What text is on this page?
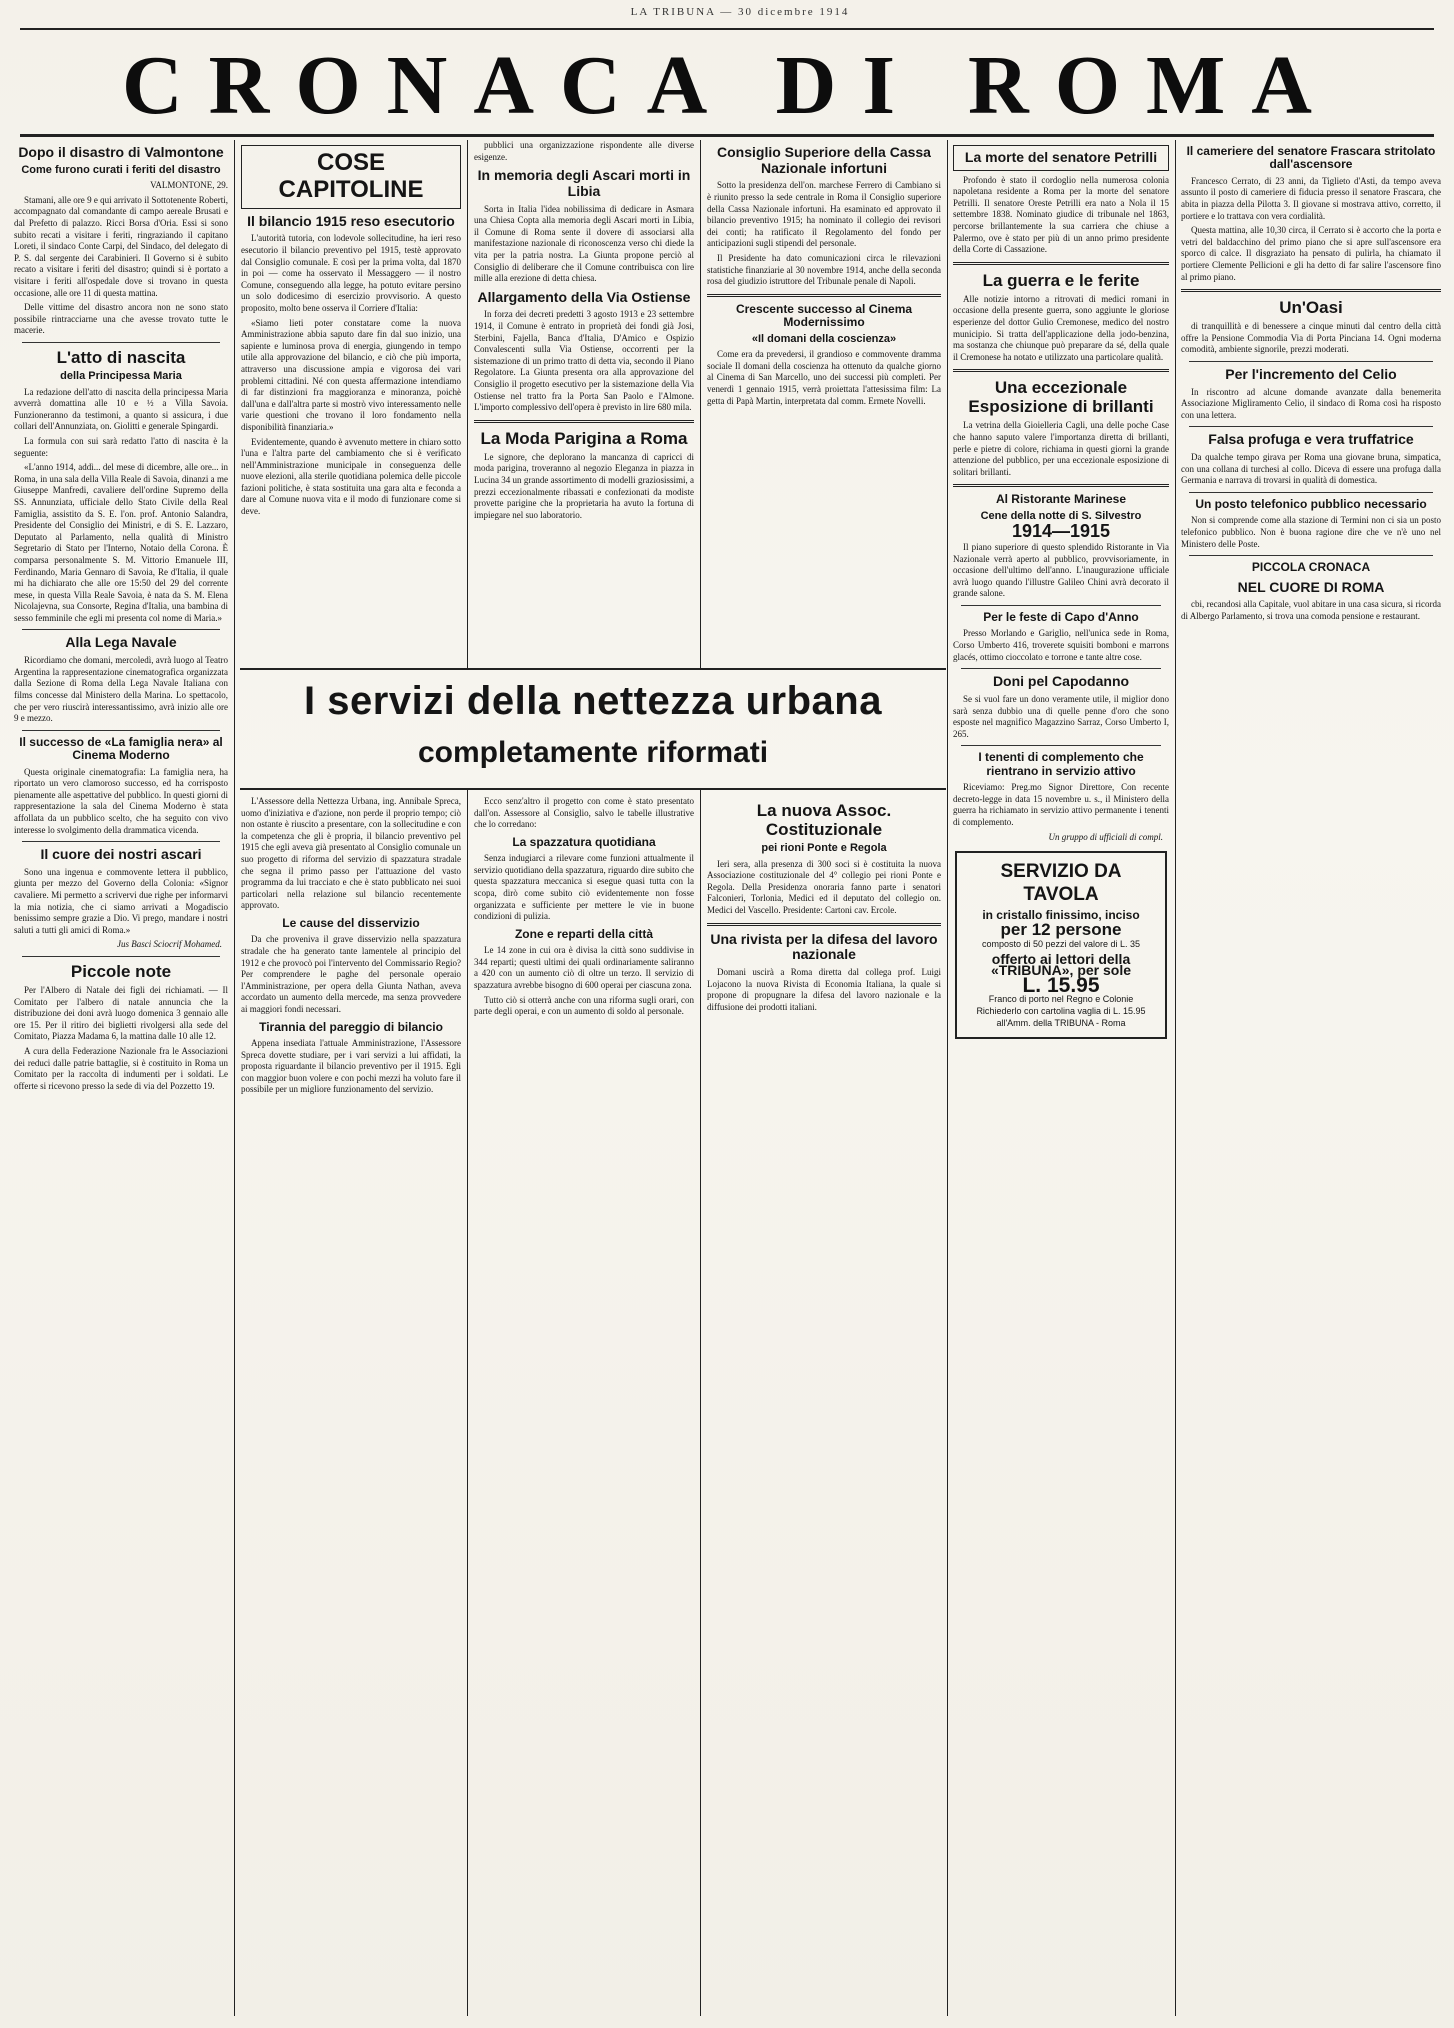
LA TRIBUNA — 30 dicembre 1914
CRONACA DI ROMA
Dopo il disastro di Valmontone
Come furono curati i feriti del disastro

VALMONTONE, 29.

Stamani, alle ore 9 e qui arrivato il Sottotenente Roberti, accompagnato dal comandante di campo aereale Brusati e dal Prefetto di palazzo. Ricci Borsa d'Oria. Essi si sono subito recati a visitare i feriti, ringraziando il capitano Loreti, il sindaco Conte Carpi, del Sindaco, del delegato di P. S. dal sergente dei Carabinieri. Il Governo si è subito recato a visitare i feriti del disastro; quindi si è portato a visitare i feriti all'ospedale dove si trovano in questa occasione, alle ore 11 di questa mattina.

Delle vittime del disastro ancora non ne sono stato possibile rintracciarne una che avesse trovato tutte le macerie.

L'atto di nascita
della Principessa Maria

La redazione dell'atto di nascita della principessa Maria avverrà domattina alle 10 e ½ a Villa Savoia. Funzioneranno da testimoni, a quanto si assicura, i due collari dell'Annunziata, on. Giolitti e generale Spingardi.

La formula con sui sarà redatto l'atto di nascita è la seguente:

«L'anno 1914, addì... del mese di dicembre, alle ore... in Roma, in una sala della Villa Reale di Savoia, dinanzi a me Giuseppe Manfredi, cavaliere dell'ordine Supremo della SS. Annunziata, ufficiale dello Stato Civile della Real Famiglia, assistito da S. E. l'on. prof. Antonio Salandra, Presidente del Consiglio dei Ministri, e di S. E. Lazzaro, Deputato al Parlamento, nella qualità di Ministro Segretario di Stato per l'Interno, Notaio della Corona. È comparsa personalmente S. M. Vittorio Emanuele III, Ferdinando, Maria Gennaro di Savoia, Re d'Italia, il quale mi ha dichiarato che alle ore 15:50 del 29 del corrente mese, in questa Villa Reale Savoia, è nata da S. M. Elena Nicolajevna, sua Consorte, Regina d'Italia, una bambina di sesso femminile che egli mi presenta col nome di Maria.»

Alla Lega Navale

Ricordiamo che domani, mercoledì, avrà luogo al Teatro Argentina la rappresentazione cinematografica organizzata dalla Sezione di Roma della Lega Navale Italiana con films concesse dal Ministero della Marina. Lo spettacolo, che per vero riuscirà interessantissimo, avrà inizio alle ore 9 e mezzo.

Il successo de «La famiglia nera» al Cinema Moderno

Questa originale cinematografia: La famiglia nera, ha riportato un vero clamoroso successo, ed ha corrisposto pienamente alle aspettative del pubblico. In questi giorni di rappresentazione la sala del Cinema Moderno è stata affollata da un pubblico scelto, che ha seguito con vivo interesse lo svolgimento della drammatica vicenda.

Il cuore dei nostri ascari

Sono una ingenua e commovente lettera il pubblico, giunta per mezzo del Governo della Colonia: «Signor cavaliere. Mi permetto a scrivervi due righe per informarvi la mia notizia, che ci siamo arrivati a Mogadiscio benissimo sempre grazie a Dio. Vi prego, mandare i nostri saluti a tutti gli amici di Roma.»

Jus Basci Sciocrif Mohamed.

Piccole note

Per l'Albero di Natale dei figli dei richiamati. — Il Comitato per l'albero di natale annuncia che la distribuzione dei doni avrà luogo domenica 3 gennaio alle ore 15. Per il ritiro dei biglietti rivolgersi alla sede del Comitato, Piazza Madama 6, la mattina dalle 10 alle 12.

A cura della Federazione Nazionale fra le Associazioni dei reduci dalle patrie battaglie, si è costituito in Roma un Comitato per la raccolta di indumenti per i soldati. Le offerte si ricevono presso la sede di via del Pozzetto 19.

COSE CAPITOLINE
Il bilancio 1915 reso esecutorio

L'autorità tutoria, con lodevole sollecitudine, ha ieri reso esecutorio il bilancio preventivo pel 1915, testè approvato dal Consiglio comunale. E così per la prima volta, dal 1870 in poi — come ha osservato il Messaggero — il nostro Comune, conseguendo alla legge, ha potuto evitare persino un solo dodicesimo di esercizio provvisorio. A questo proposito, molto bene osserva il Corriere d'Italia:

«Siamo lieti poter constatare come la nuova Amministrazione abbia saputo dare fin dal suo inizio, una sapiente e luminosa prova di energia, giungendo in tempo utile alla approvazione del bilancio, e ciò che più importa, attraverso una discussione ampia e vigorosa dei vari problemi cittadini. Né con questa affermazione intendiamo di far distinzioni fra maggioranza e minoranza, poichè dall'una e dall'altra parte si mostrò vivo interessamento nelle varie questioni che trovano il loro fondamento nella disponibilità finanziaria.»

Evidentemente, quando è avvenuto mettere in chiaro sotto l'una e l'altra parte del cambiamento che si è verificato nell'Amministrazione municipale in conseguenza delle nuove elezioni, alla sterile quotidiana polemica delle piccole fazioni politiche, è stata sostituita una gara alta e feconda a dare al Comune nuova vita e il modo di funzionare come si deve.

pubblici una organizzazione rispondente alle diverse esigenze.

In memoria degli Ascari morti in Libia

Sorta in Italia l'idea nobilissima di dedicare in Asmara una Chiesa Copta alla memoria degli Ascari morti in Libia, il Comune di Roma sente il dovere di associarsi alla manifestazione nazionale di riconoscenza verso chi diede la vita per la patria nostra. La Giunta propone perciò al Consiglio di deliberare che il Comune contribuisca con lire mille alla erezione di detta chiesa.

Allargamento della Via Ostiense

In forza dei decreti predetti 3 agosto 1913 e 23 settembre 1914, il Comune è entrato in proprietà dei fondi già Josi, Sterbini, Fajella, Banca d'Italia, D'Amico e Ospizio Convalescenti sulla Via Ostiense, occorrenti per la sistemazione di un primo tratto di detta via, secondo il Piano Regolatore. La Giunta presenta ora alla approvazione del Consiglio il progetto esecutivo per la sistemazione della Via Ostiense nel tratto fra la Porta San Paolo e l'Almone. L'importo complessivo dell'opera è previsto in lire 680 mila.

La Moda Parigina a Roma

Le signore, che deplorano la mancanza di capricci di moda parigina, troveranno al negozio Eleganza in piazza in Lucina 34 un grande assortimento di modelli graziosissimi, a prezzi eccezionalmente ribassati e confezionati da modiste provette parigine che la proprietaria ha avuto la fortuna di impiegare nel suo laboratorio.

I servizi della nettezza urbana
completamente riformati

L'Assessore della Nettezza Urbana, ing. Annibale Spreca, uomo d'iniziativa e d'azione, non perde il proprio tempo; ciò non ostante è riuscito a presentare, con la sollecitudine e con la competenza che gli è propria, il bilancio preventivo pel 1915 che egli aveva già presentato al Consiglio comunale un suo progetto di riforma del servizio di spazzatura stradale che segna il primo passo per l'attuazione del vasto programma da lui tracciato e che è stato pubblicato nei suoi particolari nella relazione sul bilancio recentemente approvato.

Le cause del disservizio

Da che proveniva il grave disservizio nella spazzatura stradale che ha generato tante lamentele al principio del 1912 e che provocò poi l'intervento del Commissario Regio? Per comprendere le paghe del personale operaio l'Amministrazione, per opera della Giunta Nathan, aveva accordato un aumento della mercede, ma senza provvedere ai maggiori fondi necessari.

Tirannia del pareggio di bilancio

Appena insediata l'attuale Amministrazione, l'Assessore Spreca dovette studiare, per i vari servizi a lui affidati, la proposta riguardante il bilancio preventivo per il 1915. Egli con maggior buon volere e con pochi mezzi ha voluto fare il possibile per un migliore funzionamento del servizio.

Ecco senz'altro il progetto con come è stato presentato dall'on. Assessore al Consiglio, salvo le tabelle illustrative che lo corredano:

La spazzatura quotidiana

Senza indugiarci a rilevare come funzioni attualmente il servizio quotidiano della spazzatura, riguardo dire subito che questa spazzatura meccanica si esegue quasi tutta con la scopa, dirò come subito ciò evidentemente non fosse organizzata e sufficiente per mettere le vie in buone condizioni di pulizia.

Zone e reparti della città

Le 14 zone in cui ora è divisa la città sono suddivise in 344 reparti; questi ultimi dei quali ordinariamente saliranno a 420 con un aumento ciò di oltre un terzo. Il servizio di spazzatura avrebbe bisogno di 600 operai per ciascuna zona.

Tutto ciò si otterrà anche con una riforma sugli orari, con parte degli operai, e con un aumento di soldo al personale.

Consiglio Superiore della Cassa Nazionale infortuni

Sotto la presidenza dell'on. marchese Ferrero di Cambiano si è riunito presso la sede centrale in Roma il Consiglio superiore della Cassa Nazionale infortuni. Ha esaminato ed approvato il bilancio preventivo 1915; ha nominato il collegio dei revisori dei conti; ha ratificato il Regolamento del fondo per anticipazioni sugli stipendi del personale.

Il Presidente ha dato comunicazioni circa le rilevazioni statistiche finanziarie al 30 novembre 1914, anche della seconda rosa del giudizio istruttore del Tribunale penale di Napoli.

Crescente successo al Cinema Modernissimo
«Il domani della coscienza»

Come era da prevedersi, il grandioso e commovente dramma sociale Il domani della coscienza ha ottenuto da qualche giorno al Cinema di San Marcello, uno dei successi più completi. Per venerdì 1 gennaio 1915, verrà proiettata l'attesissima film: La getta di Papà Martin, interpretata dal comm. Ermete Novelli.

La nuova Assoc. Costituzionale
pei rioni Ponte e Regola

Ieri sera, alla presenza di 300 soci si è costituita la nuova Associazione costituzionale del 4° collegio pei rioni Ponte e Regola. Della Presidenza onoraria fanno parte i senatori Falconieri, Torlonia, Medici ed il deputato del collegio on. Medici del Vascello. Presidente: Cartoni cav. Ercole.

Una rivista per la difesa del lavoro nazionale

Domani uscirà a Roma diretta dal collega prof. Luigi Lojacono la nuova Rivista di Economia Italiana, la quale si propone di propugnare la difesa del lavoro nazionale e la diffusione dei prodotti italiani.

La morte del senatore Petrilli

Profondo è stato il cordoglio nella numerosa colonia napoletana residente a Roma per la morte del senatore Petrilli. Il senatore Oreste Petrilli era nato a Nola il 15 settembre 1838. Nominato giudice di tribunale nel 1863, percorse brillantemente la sua carriera che chiuse a Palermo, ove è stato per più di un anno primo presidente della Corte di Cassazione.

La guerra e le ferite

Alle notizie intorno a ritrovati di medici romani in occasione della presente guerra, sono aggiunte le gloriose esperienze del dottor Gulio Cremonese, medico del nostro municipio. Si tratta dell'applicazione della jodo-benzina, ma sostanza che chiunque può preparare da sé, della quale il Cremonese ha notato e utilizzato una particolare qualità.

Una eccezionale Esposizione di brillanti

La vetrina della Gioielleria Cagli, una delle poche Case che hanno saputo valere l'importanza diretta di brillanti, perle e pietre di colore, richiama in questi giorni la grande attenzione del pubblico, per una eccezionale esposizione di solitari brillanti.

Al Ristorante Marinese
Cene della notte di S. Silvestro
1914—1915

Il piano superiore di questo splendido Ristorante in Via Nazionale verrà aperto al pubblico, provvisoriamente, in occasione dell'ultimo dell'anno. L'inaugurazione ufficiale avrà luogo quando l'illustre Galileo Chini avrà decorato il grande salone.

Per le feste di Capo d'Anno

Presso Morlando e Gariglio, nell'unica sede in Roma, Corso Umberto 416, troverete squisiti bomboni e marrons glacés, ottimo cioccolato e torrone e tante altre cose.

Doni pel Capodanno

Se si vuol fare un dono veramente utile, il miglior dono sarà senza dubbio una di quelle penne d'oro che sono esposte nel magnifico Magazzino Sarraz, Corso Umberto I, 265.

I tenenti di complemento che rientrano in servizio attivo

Riceviamo: Preg.mo Signor Direttore, Con recente decreto-legge in data 15 novembre u. s., il Ministero della guerra ha richiamato in servizio attivo permanente i tenenti di complemento.

Un gruppo di ufficiali di compl.

SERVIZIO DA TAVOLA
in cristallo finissimo, inciso
per 12 persone
composto di 50 pezzi del valore di L. 35
offerto ai lettori della «TRIBUNA», per sole
L. 15.95
Franco di porto nel Regno e Colonie
Richiederlo con cartolina vaglia di L. 15.95 all'Amm. della TRIBUNA - Roma
Il cameriere del senatore Frascara stritolato dall'ascensore

Francesco Cerrato, di 23 anni, da Tiglieto d'Asti, da tempo aveva assunto il posto di cameriere di fiducia presso il senatore Frascara, che abita in piazza della Pilotta 3. Il giovane si mostrava attivo, corretto, il portiere e lo trattava con vera cordialità.

Questa mattina, alle 10,30 circa, il Cerrato si è accorto che la porta e vetri del baldacchino del primo piano che si apre sull'ascensore era sporco di calce. Il disgraziato ha pensato di pulirla, ha chiamato il portiere Clemente Pellicioni e gli ha detto di far salire l'ascensore fino al primo piano.

Un'Oasi

di tranquillità e di benessere a cinque minuti dal centro della città offre la Pensione Commodia Via di Porta Pinciana 14. Ogni moderna comodità, ambiente signorile, prezzi moderati.

Per l'incremento del Celio

In riscontro ad alcune domande avanzate dalla benemerita Associazione Migliramento Celio, il sindaco di Roma così ha risposto con una lettera.

Falsa profuga e vera truffatrice

Da qualche tempo girava per Roma una giovane bruna, simpatica, con una collana di turchesi al collo. Diceva di essere una profuga dalla Germania e narrava di trovarsi in qualità di domestica.

Un posto telefonico pubblico necessario

Non si comprende come alla stazione di Termini non ci sia un posto telefonico pubblico. Non è buona ragione dire che ve n'è uno nel Ministero delle Poste.

PICCOLA CRONACA
NEL CUORE DI ROMA

cbi, recandosi alla Capitale, vuol abitare in una casa sicura, si ricorda di Albergo Parlamento, si trova una comoda pensione e restaurant.
